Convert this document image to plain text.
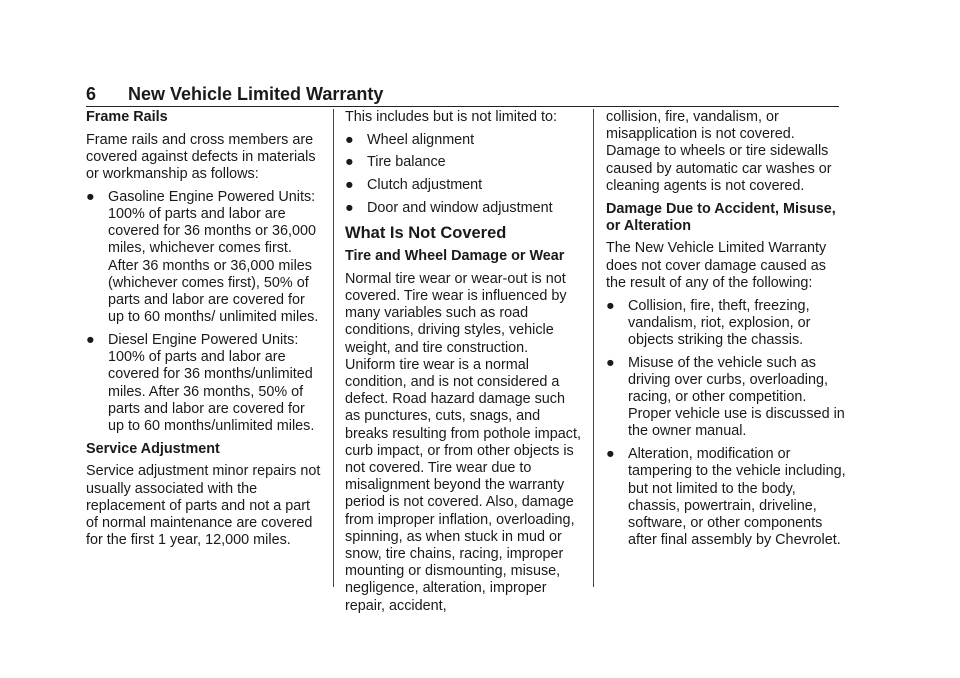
6 New Vehicle Limited Warranty

Frame Rails

Frame rails and cross members are covered against defects in materials or workmanship as follows:

● Gasoline Engine Powered Units: 100% of parts and labor are covered for 36 months or 36,000 miles, whichever comes first. After 36 months or 36,000 miles (whichever comes first), 50% of parts and labor are covered for up to 60 months/ unlimited miles.
● Diesel Engine Powered Units: 100% of parts and labor are covered for 36 months/unlimited miles. After 36 months, 50% of parts and labor are covered for up to 60 months/unlimited miles.

Service Adjustment

Service adjustment minor repairs not usually associated with the replacement of parts and not a part of normal maintenance are covered for the first 1 year, 12,000 miles.

This includes but is not limited to:

● Wheel alignment
● Tire balance
● Clutch adjustment
● Door and window adjustment

What Is Not Covered

Tire and Wheel Damage or Wear

Normal tire wear or wear-out is not covered. Tire wear is influenced by many variables such as road conditions, driving styles, vehicle weight, and tire construction. Uniform tire wear is a normal condition, and is not considered a defect. Road hazard damage such as punctures, cuts, snags, and breaks resulting from pothole impact, curb impact, or from other objects is not covered. Tire wear due to misalignment beyond the warranty period is not covered. Also, damage from improper inflation, overloading, spinning, as when stuck in mud or snow, tire chains, racing, improper mounting or dismounting, misuse, negligence, alteration, improper repair, accident,

collision, fire, vandalism, or misapplication is not covered. Damage to wheels or tire sidewalls caused by automatic car washes or cleaning agents is not covered.

Damage Due to Accident, Misuse, or Alteration

The New Vehicle Limited Warranty does not cover damage caused as the result of any of the following:

● Collision, fire, theft, freezing, vandalism, riot, explosion, or objects striking the chassis.
● Misuse of the vehicle such as driving over curbs, overloading, racing, or other competition. Proper vehicle use is discussed in the owner manual.
● Alteration, modification or tampering to the vehicle including, but not limited to the body, chassis, powertrain, driveline, software, or other components after final assembly by Chevrolet.
